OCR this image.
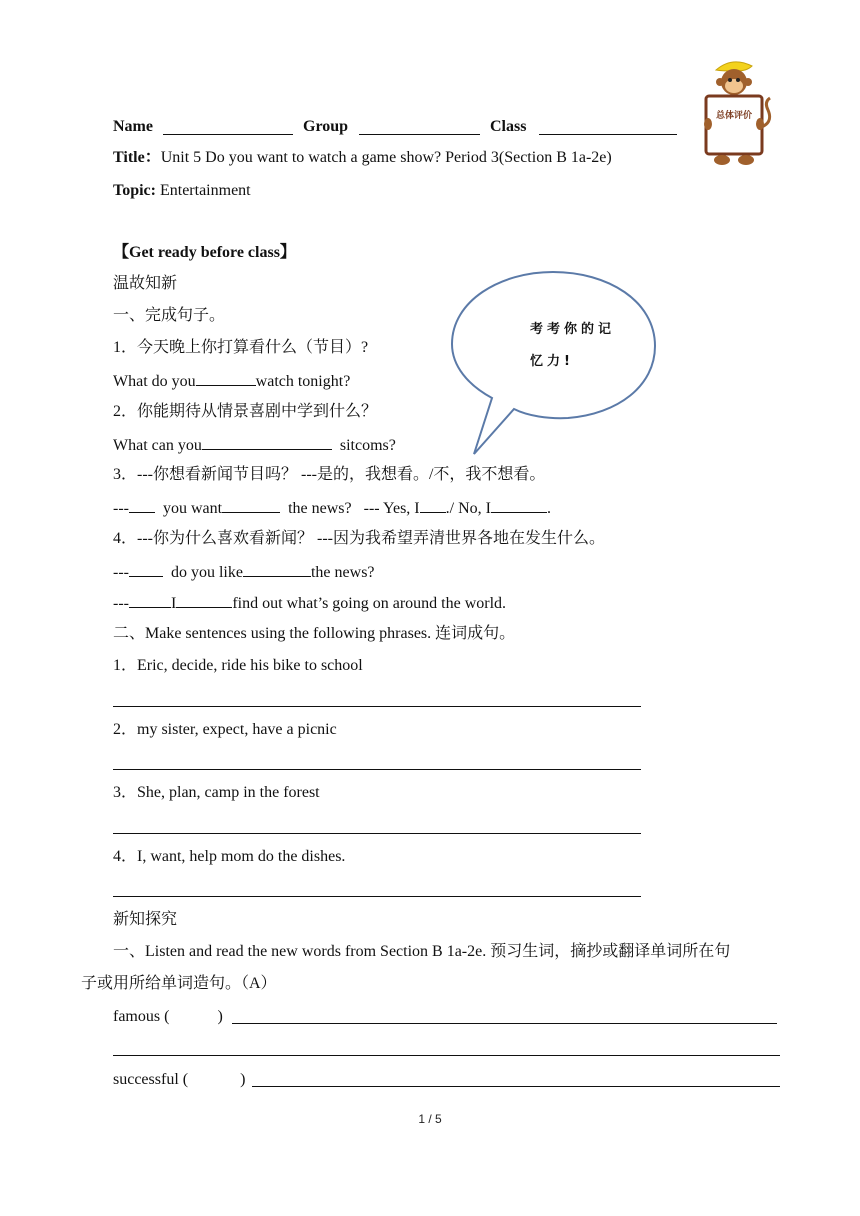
Name	Group	Class
Title：Unit 5 Do you want to watch a game show? Period 3(Section B 1a-2e)
Topic: Entertainment
总体评价
考考你的记
忆力!
【Get ready before class】
温故知新
一、完成句子。
1．今天晚上你打算看什么（节目）?
What do you	watch tonight?
2．你能期待从情景喜剧中学到什么？
What can you	sitcoms?
3．---你想看新闻节目吗？ ---是的，我想看。/不，我不想看。
--- you want	the news? --- Yes, I ./ No, I	.
4．---你为什么喜欢看新闻？ ---因为我希望弄清世界各地在发生什么。
---	do you like	the news?
---	I	find out what’s going on around the world.
二、Make sentences using the following phrases. 连词成句。
1．Eric, decide, ride his bike to school
2．my sister, expect, have a picnic
3．She, plan, camp in the forest
4．I, want, help mom do the dishes.
新知探究
一、Listen and read the new words from Section B 1a-2e. 预习生词，摘抄或翻译单词所在句
子或用所给单词造句。（A）
famous (	)
successful (	)
1 / 5
